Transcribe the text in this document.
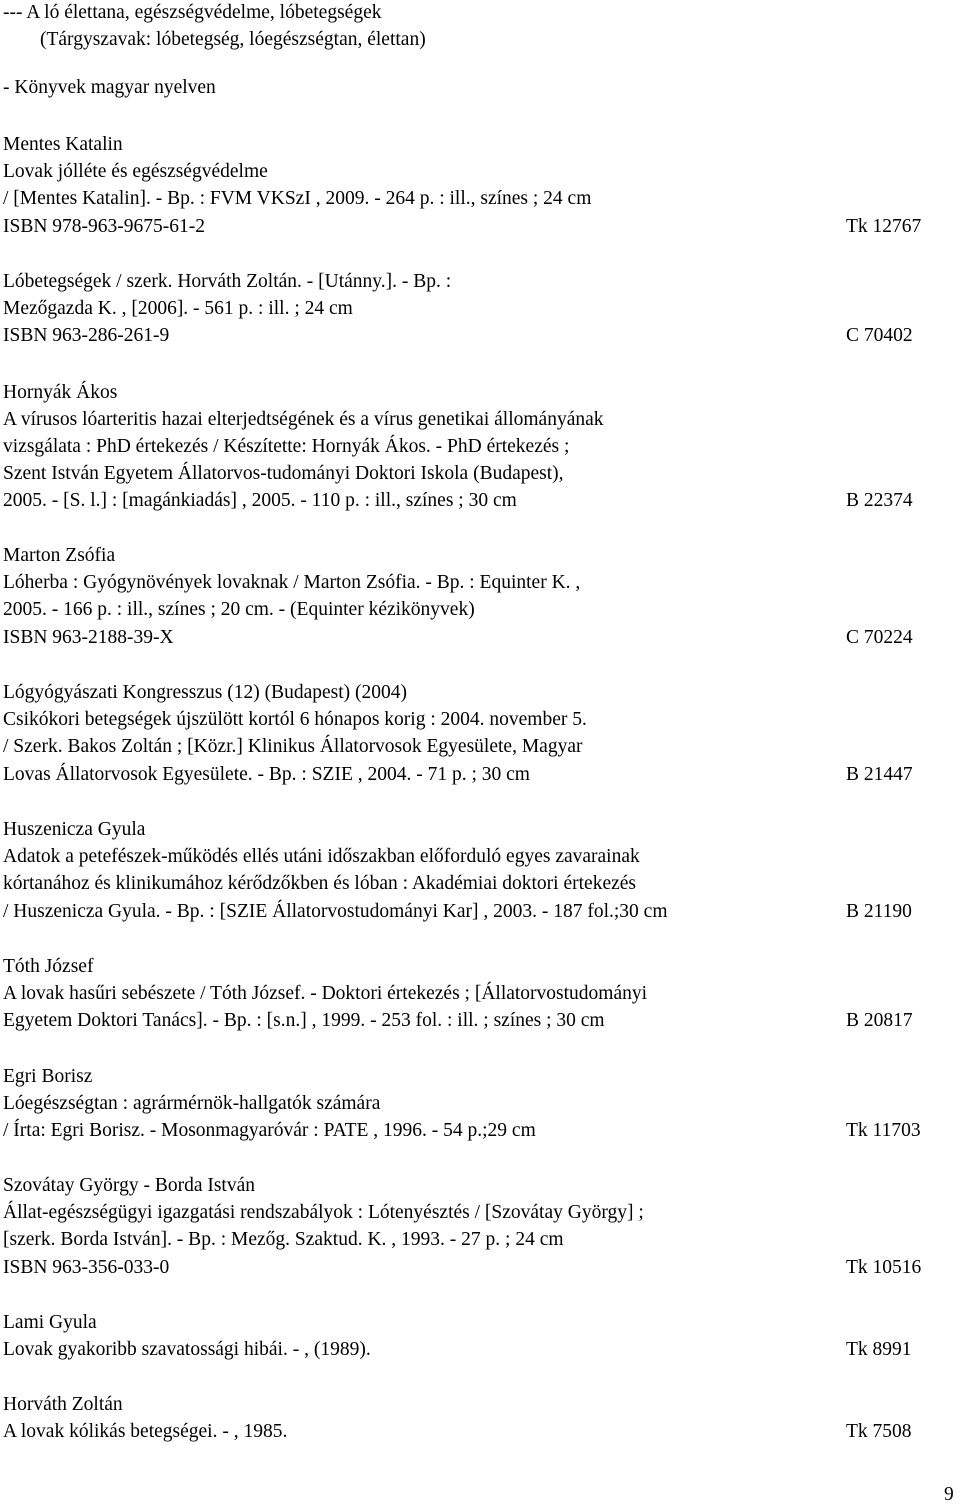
--- A ló élettana, egészségvédelme, lóbetegségek
(Tárgyszavak: lóbetegség, lóegészségtan, élettan)
- Könyvek magyar nyelven
Mentes Katalin
Lovak jólléte és egészségvédelme
/ [Mentes Katalin]. - Bp. : FVM VKSzI , 2009. - 264 p. : ill., színes ; 24 cm
ISBN 978-963-9675-61-2	Tk 12767
Lóbetegségek / szerk. Horváth Zoltán. - [Utánny.]. - Bp. :
Mezőgazda K. , [2006]. - 561 p. : ill. ; 24 cm
ISBN 963-286-261-9	C 70402
Hornyák Ákos
A vírusos lóarteritis hazai elterjedtségének és a vírus genetikai állományának
vizsgálata : PhD értekezés / Készítette: Hornyák Ákos. - PhD értekezés ;
Szent István Egyetem Állatorvos-tudományi Doktori Iskola (Budapest),
2005. - [S. l.] : [magánkiadás] , 2005. - 110 p. : ill., színes ; 30 cm	B 22374
Marton Zsófia
Lóherba : Gyógynövények lovaknak / Marton Zsófia. - Bp. : Equinter K. ,
2005. - 166 p. : ill., színes ; 20 cm. - (Equinter kézikönyvek)
ISBN 963-2188-39-X	C 70224
Lógyógyászati Kongresszus (12) (Budapest) (2004)
Csikókori betegségek újszülött kortól 6 hónapos korig : 2004. november 5.
/ Szerk. Bakos Zoltán ; [Közr.] Klinikus Állatorvosok Egyesülete, Magyar
Lovas Állatorvosok Egyesülete. - Bp. : SZIE , 2004. - 71 p. ; 30 cm	B 21447
Huszenicza Gyula
Adatok a petefészek-működés ellés utáni időszakban előforduló egyes zavarainak
kórtanához és klinikumához kérődzőkben és lóban : Akadémiai doktori értekezés
/ Huszenicza Gyula. - Bp. : [SZIE Állatorvostudományi Kar] , 2003. - 187 fol.;30 cm	B 21190
Tóth József
A lovak hasűri sebészete / Tóth József. - Doktori értekezés ; [Állatorvostudományi
Egyetem Doktori Tanács]. - Bp. : [s.n.] , 1999. - 253 fol. : ill. ; színes ; 30 cm	B 20817
Egri Borisz
Lóegészségtan : agrármérnök-hallgatók számára
/ Írta: Egri Borisz. - Mosonmagyaróvár : PATE , 1996. - 54 p.;29 cm	Tk 11703
Szovátay György - Borda István
Állat-egészségügyi igazgatási rendszabályok : Lótenyésztés / [Szovátay György] ;
[szerk. Borda István]. - Bp. : Mezőg. Szaktud. K. , 1993. - 27 p. ; 24 cm
ISBN 963-356-033-0	Tk 10516
Lami Gyula
Lovak gyakoribb szavatossági hibái. - , (1989).	Tk 8991
Horváth Zoltán
A lovak kólikás betegségei. - , 1985.	Tk 7508
9
